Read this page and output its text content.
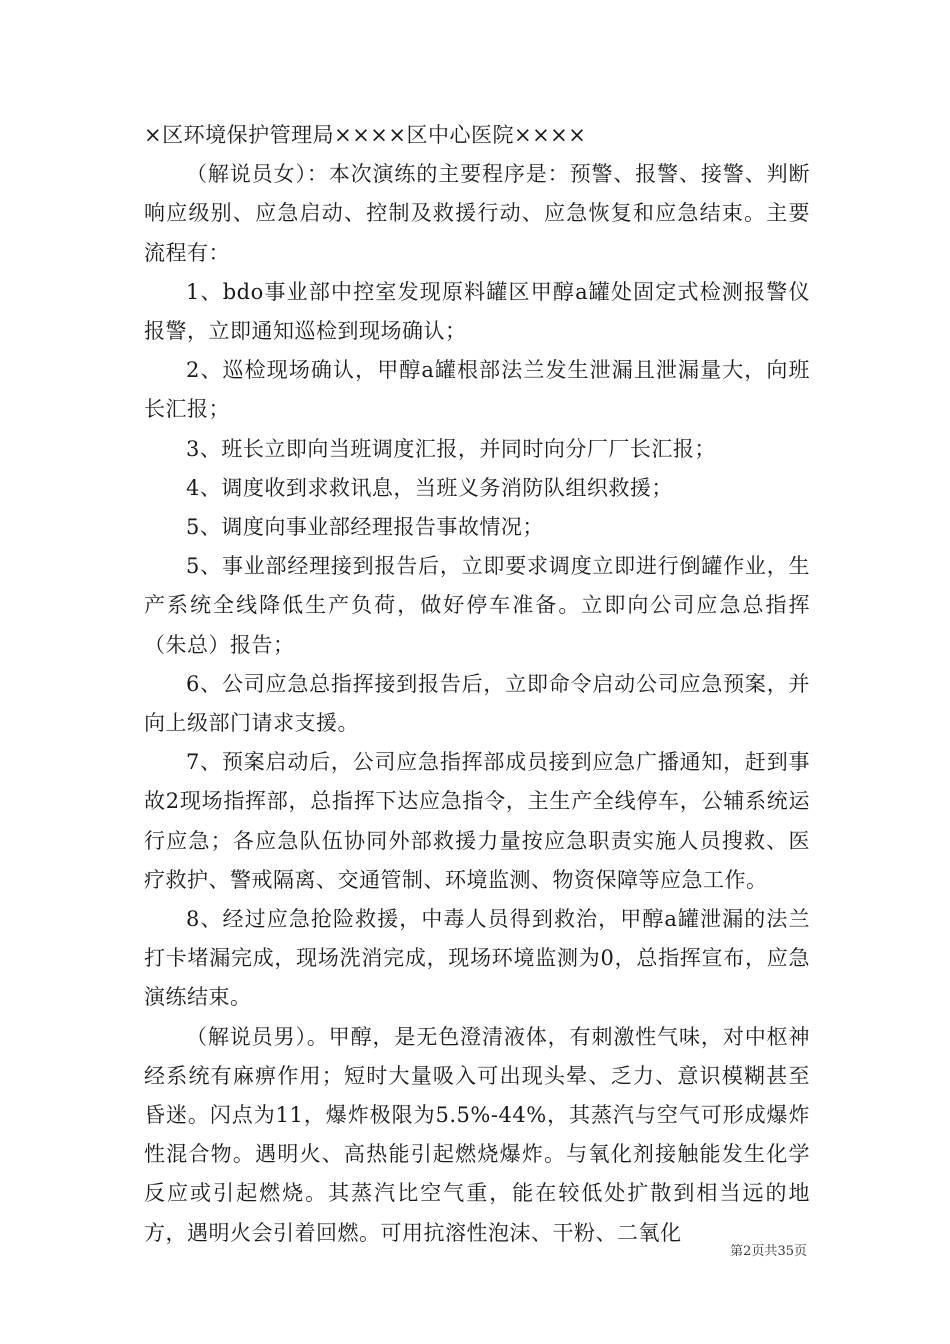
×区环境保护管理局××××区中心医院××××

（解说员女）：本次演练的主要程序是：预警、报警、接警、判断响应级别、应急启动、控制及救援行动、应急恢复和应急结束。主要流程有：

1、bdo事业部中控室发现原料罐区甲醇a罐处固定式检测报警仪报警，立即通知巡检到现场确认；

2、巡检现场确认，甲醇a罐根部法兰发生泄漏且泄漏量大，向班长汇报；

3、班长立即向当班调度汇报，并同时向分厂厂长汇报；

4、调度收到求救讯息，当班义务消防队组织救援；

5、调度向事业部经理报告事故情况；

5、事业部经理接到报告后，立即要求调度立即进行倒罐作业，生产系统全线降低生产负荷，做好停车准备。立即向公司应急总指挥（朱总）报告；

6、公司应急总指挥接到报告后，立即命令启动公司应急预案，并向上级部门请求支援。

7、预案启动后，公司应急指挥部成员接到应急广播通知，赶到事故2现场指挥部，总指挥下达应急指令，主生产全线停车，公辅系统运行应急；各应急队伍协同外部救援力量按应急职责实施人员搜救、医疗救护、警戒隔离、交通管制、环境监测、物资保障等应急工作。

8、经过应急抢险救援，中毒人员得到救治，甲醇a罐泄漏的法兰打卡堵漏完成，现场洗消完成，现场环境监测为0，总指挥宣布，应急演练结束。

（解说员男）。甲醇，是无色澄清液体，有刺激性气味，对中枢神经系统有麻痹作用；短时大量吸入可出现头晕、乏力、意识模糊甚至昏迷。闪点为11，爆炸极限为5.5%-44%，其蒸汽与空气可形成爆炸性混合物。遇明火、高热能引起燃烧爆炸。与氧化剂接触能发生化学反应或引起燃烧。其蒸汽比空气重，能在较低处扩散到相当远的地方，遇明火会引着回燃。可用抗溶性泡沫、干粉、二氧化

第2页共35页
